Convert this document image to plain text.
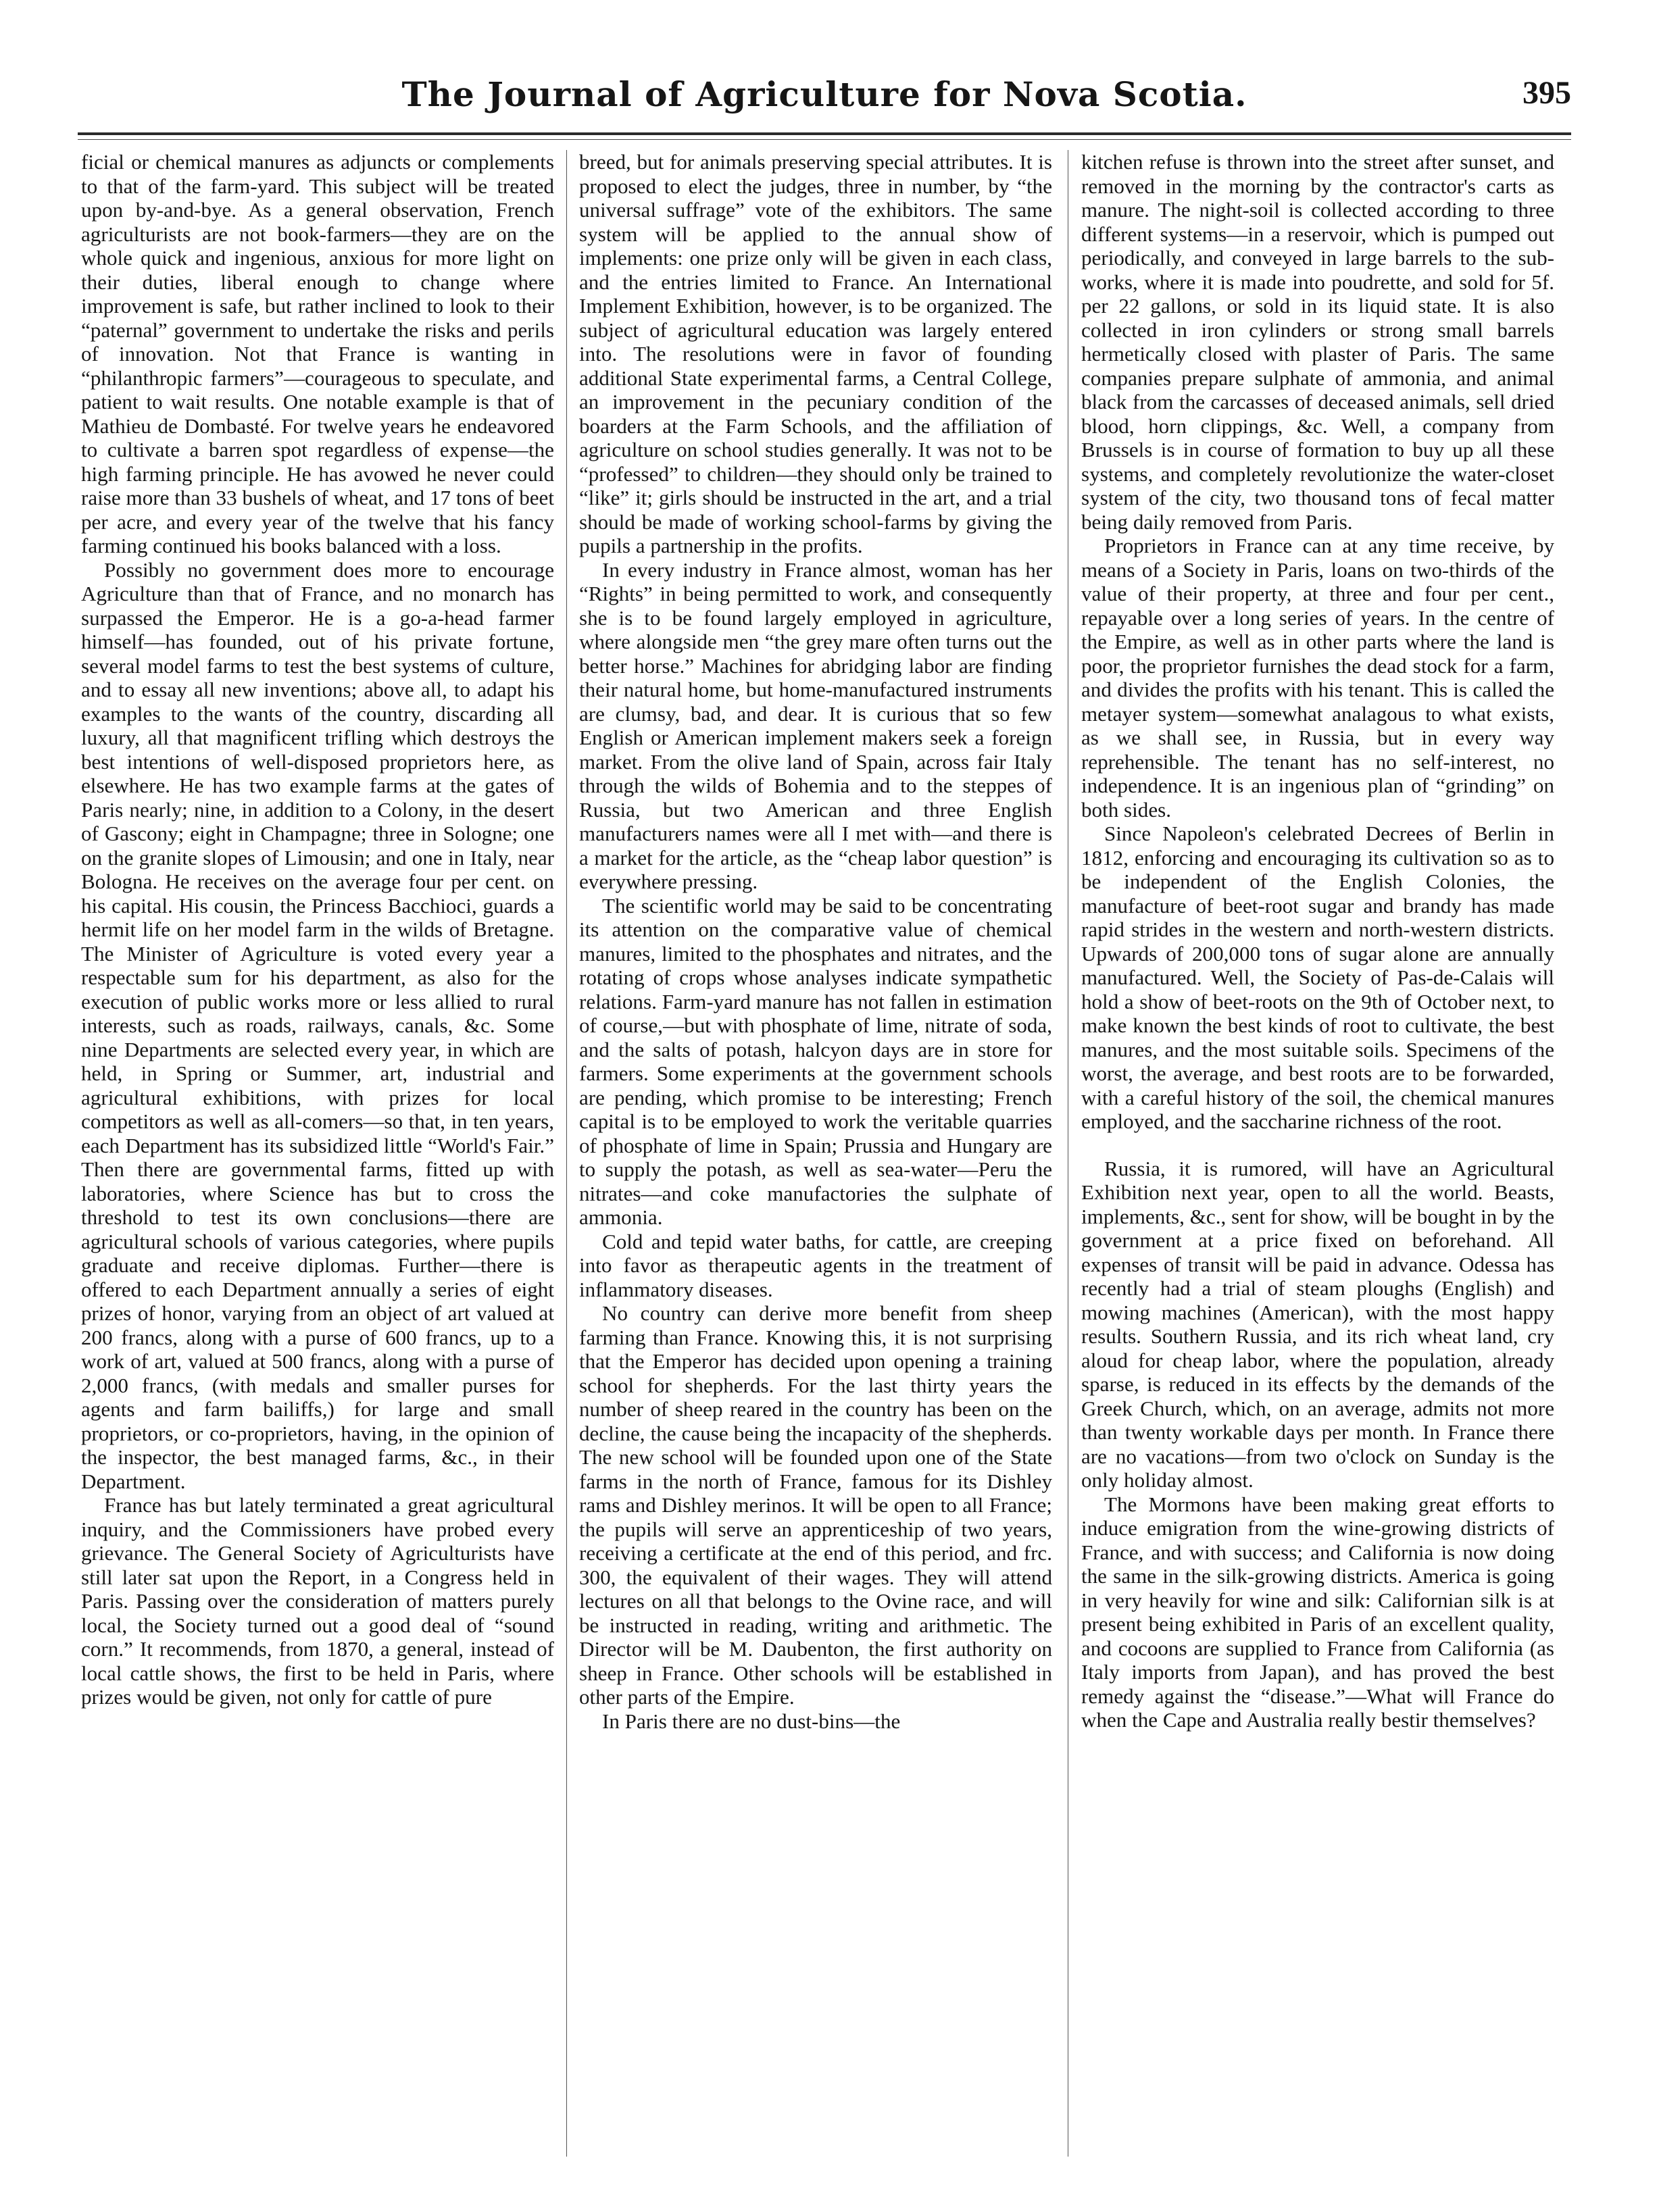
The Journal of Agriculture for Nova Scotia.	395

ficial or chemical manures as adjuncts or complements to that of the farm-yard. This subject will be treated upon by-and-bye. As a general observation, French agriculturists are not book-farmers—they are on the whole quick and ingenious, anxious for more light on their duties, liberal enough to change where improvement is safe, but rather inclined to look to their “paternal” government to undertake the risks and perils of innovation. Not that France is wanting in “philanthropic farmers”—courageous to speculate, and patient to wait results. One notable example is that of Mathieu de Dombasté. For twelve years he endeavored to cultivate a barren spot regardless of expense—the high farming principle. He has avowed he never could raise more than 33 bushels of wheat, and 17 tons of beet per acre, and every year of the twelve that his fancy farming continued his books balanced with a loss.

Possibly no government does more to encourage Agriculture than that of France, and no monarch has surpassed the Emperor. He is a go-a-head farmer himself—has founded, out of his private fortune, several model farms to test the best systems of culture, and to essay all new inventions; above all, to adapt his examples to the wants of the country, discarding all luxury, all that magnificent trifling which destroys the best intentions of well-disposed proprietors here, as elsewhere. He has two example farms at the gates of Paris nearly; nine, in addition to a Colony, in the desert of Gascony; eight in Champagne; three in Sologne; one on the granite slopes of Limousin; and one in Italy, near Bologna. He receives on the average four per cent. on his capital. His cousin, the Princess Bacchioci, guards a hermit life on her model farm in the wilds of Bretagne. The Minister of Agriculture is voted every year a respectable sum for his department, as also for the execution of public works more or less allied to rural interests, such as roads, railways, canals, &c. Some nine Departments are selected every year, in which are held, in Spring or Summer, art, industrial and agricultural exhibitions, with prizes for local competitors as well as all-comers—so that, in ten years, each Department has its subsidized little “World's Fair.” Then there are governmental farms, fitted up with laboratories, where Science has but to cross the threshold to test its own conclusions—there are agricultural schools of various categories, where pupils graduate and receive diplomas. Further—there is offered to each Department annually a series of eight prizes of honor, varying from an object of art valued at 200 francs, along with a purse of 600 francs, up to a work of art, valued at 500 francs, along with a purse of 2,000 francs, (with medals and smaller purses for agents and farm bailiffs,) for large and small proprietors, or co-proprietors, having, in the opinion of the inspector, the best managed farms, &c., in their Department.

France has but lately terminated a great agricultural inquiry, and the Commissioners have probed every grievance. The General Society of Agriculturists have still later sat upon the Report, in a Congress held in Paris. Passing over the consideration of matters purely local, the Society turned out a good deal of “sound corn.” It recommends, from 1870, a general, instead of local cattle shows, the first to be held in Paris, where prizes would be given, not only for cattle of pure

breed, but for animals preserving special attributes. It is proposed to elect the judges, three in number, by “the universal suffrage” vote of the exhibitors. The same system will be applied to the annual show of implements: one prize only will be given in each class, and the entries limited to France. An International Implement Exhibition, however, is to be organized. The subject of agricultural education was largely entered into. The resolutions were in favor of founding additional State experimental farms, a Central College, an improvement in the pecuniary condition of the boarders at the Farm Schools, and the affiliation of agriculture on school studies generally. It was not to be “professed” to children—they should only be trained to “like” it; girls should be instructed in the art, and a trial should be made of working school-farms by giving the pupils a partnership in the profits.

In every industry in France almost, woman has her “Rights” in being permitted to work, and consequently she is to be found largely employed in agriculture, where alongside men “the grey mare often turns out the better horse.” Machines for abridging labor are finding their natural home, but home-manufactured instruments are clumsy, bad, and dear. It is curious that so few English or American implement makers seek a foreign market. From the olive land of Spain, across fair Italy through the wilds of Bohemia and to the steppes of Russia, but two American and three English manufacturers names were all I met with—and there is a market for the article, as the “cheap labor question” is everywhere pressing.

The scientific world may be said to be concentrating its attention on the comparative value of chemical manures, limited to the phosphates and nitrates, and the rotating of crops whose analyses indicate sympathetic relations. Farm-yard manure has not fallen in estimation of course,—but with phosphate of lime, nitrate of soda, and the salts of potash, halcyon days are in store for farmers. Some experiments at the government schools are pending, which promise to be interesting; French capital is to be employed to work the veritable quarries of phosphate of lime in Spain; Prussia and Hungary are to supply the potash, as well as sea-water—Peru the nitrates—and coke manufactories the sulphate of ammonia.

Cold and tepid water baths, for cattle, are creeping into favor as therapeutic agents in the treatment of inflammatory diseases.

No country can derive more benefit from sheep farming than France. Knowing this, it is not surprising that the Emperor has decided upon opening a training school for shepherds. For the last thirty years the number of sheep reared in the country has been on the decline, the cause being the incapacity of the shepherds. The new school will be founded upon one of the State farms in the north of France, famous for its Dishley rams and Dishley merinos. It will be open to all France; the pupils will serve an apprenticeship of two years, receiving a certificate at the end of this period, and frc. 300, the equivalent of their wages. They will attend lectures on all that belongs to the Ovine race, and will be instructed in reading, writing and arithmetic. The Director will be M. Daubenton, the first authority on sheep in France. Other schools will be established in other parts of the Empire.

In Paris there are no dust-bins—the

kitchen refuse is thrown into the street after sunset, and removed in the morning by the contractor's carts as manure. The night-soil is collected according to three different systems—in a reservoir, which is pumped out periodically, and conveyed in large barrels to the sub-works, where it is made into poudrette, and sold for 5f. per 22 gallons, or sold in its liquid state. It is also collected in iron cylinders or strong small barrels hermetically closed with plaster of Paris. The same companies prepare sulphate of ammonia, and animal black from the carcasses of deceased animals, sell dried blood, horn clippings, &c. Well, a company from Brussels is in course of formation to buy up all these systems, and completely revolutionize the water-closet system of the city, two thousand tons of fecal matter being daily removed from Paris.

Proprietors in France can at any time receive, by means of a Society in Paris, loans on two-thirds of the value of their property, at three and four per cent., repayable over a long series of years. In the centre of the Empire, as well as in other parts where the land is poor, the proprietor furnishes the dead stock for a farm, and divides the profits with his tenant. This is called the metayer system—somewhat analagous to what exists, as we shall see, in Russia, but in every way reprehensible. The tenant has no self-interest, no independence. It is an ingenious plan of “grinding” on both sides.

Since Napoleon's celebrated Decrees of Berlin in 1812, enforcing and encouraging its cultivation so as to be independent of the English Colonies, the manufacture of beet-root sugar and brandy has made rapid strides in the western and north-western districts. Upwards of 200,000 tons of sugar alone are annually manufactured. Well, the Society of Pas-de-Calais will hold a show of beet-roots on the 9th of October next, to make known the best kinds of root to cultivate, the best manures, and the most suitable soils. Specimens of the worst, the average, and best roots are to be forwarded, with a careful history of the soil, the chemical manures employed, and the saccharine richness of the root.

Russia, it is rumored, will have an Agricultural Exhibition next year, open to all the world. Beasts, implements, &c., sent for show, will be bought in by the government at a price fixed on beforehand. All expenses of transit will be paid in advance. Odessa has recently had a trial of steam ploughs (English) and mowing machines (American), with the most happy results. Southern Russia, and its rich wheat land, cry aloud for cheap labor, where the population, already sparse, is reduced in its effects by the demands of the Greek Church, which, on an average, admits not more than twenty workable days per month. In France there are no vacations—from two o'clock on Sunday is the only holiday almost.

The Mormons have been making great efforts to induce emigration from the wine-growing districts of France, and with success; and California is now doing the same in the silk-growing districts. America is going in very heavily for wine and silk: Californian silk is at present being exhibited in Paris of an excellent quality, and cocoons are supplied to France from California (as Italy imports from Japan), and has proved the best remedy against the “disease.”—What will France do when the Cape and Australia really bestir themselves?
